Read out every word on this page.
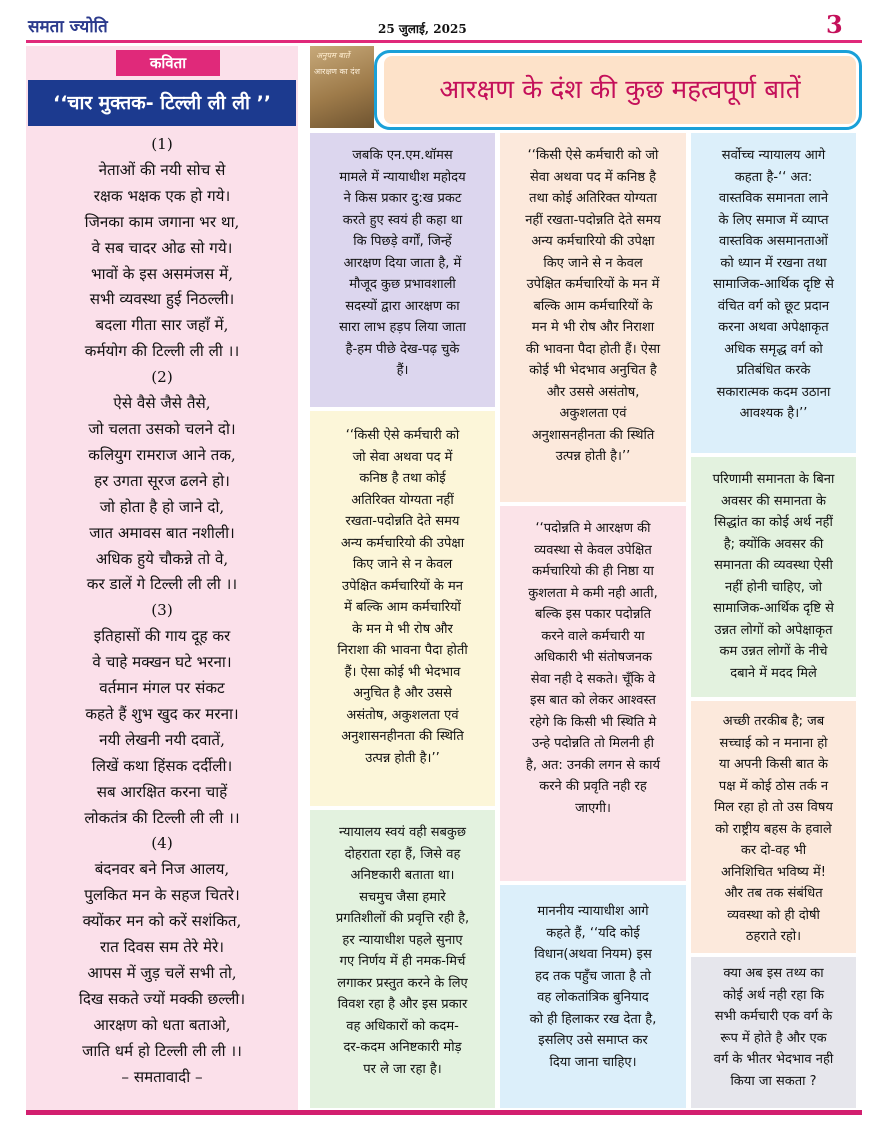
समता ज्योति	25 जुलाई, 2025	3
कविता
‘‘चार मुक्तक- टिल्ली ली ली ’’
(1)
नेताओं की नयी सोच से
रक्षक भक्षक एक हो गये।
जिनका काम जगाना भर था,
वे सब चादर ओढ सो गये।
भावों के इस असमंजस में,
सभी व्यवस्था हुई निठल्ली।
बदला गीता सार जहाँ में,
कर्मयोग की टिल्ली ली ली ।।
(2)
ऐसे वैसे जैसे तैसे,
जो चलता उसको चलने दो।
कलियुग रामराज आने तक,
हर उगता सूरज ढलने हो।
जो होता है हो जाने दो,
जात अमावस बात नशीली।
अधिक हुये चौकन्ने तो वे,
कर डालें गे टिल्ली ली ली ।।
(3)
इतिहासों की गाय दूह कर
वे चाहे मक्खन घटे भरना।
वर्तमान मंगल पर संकट
कहते हैं शुभ खुद कर मरना।
नयी लेखनी नयी दवातें,
लिखें कथा हिंसक दर्दीली।
सब आरक्षित करना चाहें
लोकतंत्र की टिल्ली ली ली ।।
(4)
बंदनवर बने निज आलय,
पुलकित मन के सहज चितरे।
क्योंकर मन को करें सशंकित,
रात दिवस सम तेरे मेरे।
आपस में जुड़ चलें सभी तो,
दिख सकते ज्यों मक्की छल्ली।
आरक्षण को धता बताओ,
जाति धर्म हो टिल्ली ली ली ।।
– समतावादी –
अनुपम बातें
आरक्षण का दंश
आरक्षण के दंश की कुछ महत्वपूर्ण बातें
जबकि एन.एम.थॉमस
मामले में न्यायाधीश महोदय
ने किस प्रकार दु:ख प्रकट
करते हुए स्वयं ही कहा था
कि पिछड़े वर्गों, जिन्हें
आरक्षण दिया जाता है, में
मौजूद कुछ प्रभावशाली
सदस्यों द्वारा आरक्षण का
सारा लाभ हड़प लिया जाता
है-हम पीछे देख-पढ़ चुके
हैं।
‘‘किसी ऐसे कर्मचारी को
जो सेवा अथवा पद में
कनिष्ठ है तथा कोई
अतिरिक्त योग्यता नहीं
रखता-पदोन्नति देते समय
अन्य कर्मचारियो की उपेक्षा
किए जाने से न केवल
उपेक्षित कर्मचारियों के मन
में बल्कि आम कर्मचारियों
के मन मे भी रोष और
निराशा की भावना पैदा होती
हैं। ऐसा कोई भी भेदभाव
अनुचित है और उससे
असंतोष, अकुशलता एवं
अनुशासनहीनता की स्थिति
उत्पन्न होती है।’’
न्यायालय स्वयं वही सबकुछ
दोहराता रहा हैं, जिसे वह
अनिष्टकारी बताता था।
सचमुच जैसा हमारे
प्रगतिशीलों की प्रवृत्ति रही है,
हर न्यायाधीश पहले सुनाए
गए निर्णय में ही नमक-मिर्च
लगाकर प्रस्तुत करने के लिए
विवश रहा है और इस प्रकार
वह अधिकारों को कदम-
दर-कदम अनिष्टकारी मोड़
पर ले जा रहा है।
‘‘किसी ऐसे कर्मचारी को जो
सेवा अथवा पद में कनिष्ठ है
तथा कोई अतिरिक्त योग्यता
नहीं रखता-पदोन्नति देते समय
अन्य कर्मचारियो की उपेक्षा
किए जाने से न केवल
उपेक्षित कर्मचारियों के मन में
बल्कि आम कर्मचारियों के
मन मे भी रोष और निराशा
की भावना पैदा होती हैं। ऐसा
कोई भी भेदभाव अनुचित है
और उससे असंतोष,
अकुशलता एवं
अनुशासनहीनता की स्थिति
उत्पन्न होती है।’’
‘‘पदोन्नति मे आरक्षण की
व्यवस्था से केवल उपेक्षित
कर्मचारियो की ही निष्ठा या
कुशलता मे कमी नही आती,
बल्कि इस पकार पदोन्नति
करने वाले कर्मचारी या
अधिकारी भी संतोषजनक
सेवा नही दे सकते। चूँकि वे
इस बात को लेकर आश्वस्त
रहेगे कि किसी भी स्थिति मे
उन्हे पदोन्नति तो मिलनी ही
है, अत: उनकी लगन से कार्य
करने की प्रवृति नही रह
जाएगी।
माननीय न्यायाधीश आगे
कहते हैं, ‘‘यदि कोई
विधान(अथवा नियम) इस
हद तक पहुँच जाता है तो
वह लोकतांत्रिक बुनियाद
को ही हिलाकर रख देता है,
इसलिए उसे समाप्त कर
दिया जाना चाहिए।
सर्वोच्च न्यायालय आगे
कहता है-‘‘ अत:
वास्तविक समानता लाने
के लिए समाज में व्याप्त
वास्तविक असमानताओं
को ध्यान में रखना तथा
सामाजिक-आर्थिक दृष्टि से
वंचित वर्ग को छूट प्रदान
करना अथवा अपेक्षाकृत
अधिक समृद्ध वर्ग को
प्रतिबंधित करके
सकारात्मक कदम उठाना
आवश्यक है।’’
परिणामी समानता के बिना
अवसर की समानता के
सिद्धांत का कोई अर्थ नहीं
है; क्योंकि अवसर की
समानता की व्यवस्था ऐसी
नहीं होनी चाहिए, जो
सामाजिक-आर्थिक दृष्टि से
उन्नत लोगों को अपेक्षाकृत
कम उन्नत लोगों के नीचे
दबाने में मदद मिले
अच्छी तरकीब है; जब
सच्चाई को न मनाना हो
या अपनी किसी बात के
पक्ष में कोई ठोस तर्क न
मिल रहा हो तो उस विषय
को राष्ट्रीय बहस के हवाले
कर दो-वह भी
अनिशिचित भविष्य में!
और तब तक संबंधित
व्यवस्था को ही दोषी
ठहराते रहो।
क्या अब इस तथ्य का
कोई अर्थ नही रहा कि
सभी कर्मचारी एक वर्ग के
रूप में होते है और एक
वर्ग के भीतर भेदभाव नही
किया जा सकता ?
